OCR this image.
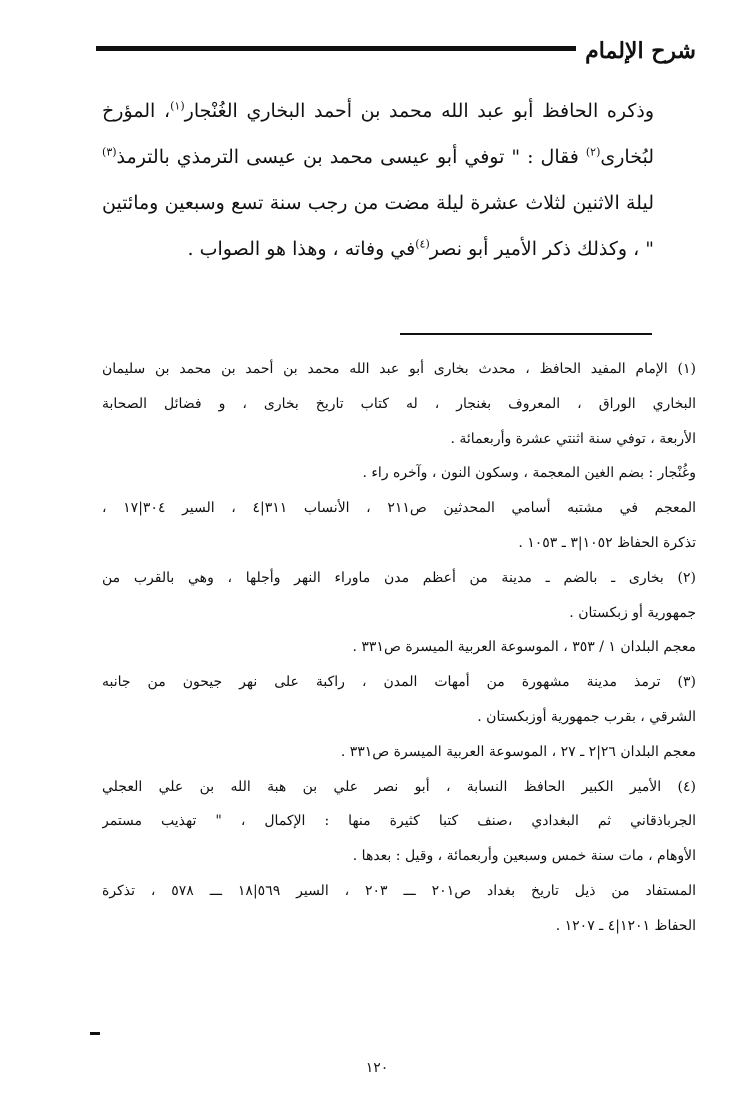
شرح الإلمام
وذكره الحافظ أبو عبد الله محمد بن أحمد البخاري الغُنْجار$^{(١)}$، المؤرخ لبُخارى$^{(٢)}$ فقال : " توفي أبو عيسى محمد بن عيسى الترمذي بالترمذ$^{(٣)}$ ليلة الاثنين لثلاث عشرة ليلة مضت من رجب سنة تسع وسبعين ومائتين " ، وكذلك ذكر الأمير أبو نصر$^{(٤)}$في وفاته ، وهذا هو الصواب .
(١) الإمام المفيد الحافظ ، محدث بخارى أبو عبد الله محمد بن أحمد بن محمد بن سليمان
البخاري الوراق ، المعروف بغنجار ، له كتاب تاريخ بخارى ، و فضائل الصحابة
الأربعة ، توفي سنة اثنتي عشرة وأربعمائة .
وغُنْجار : بضم الغين المعجمة ، وسكون النون ، وآخره راء .
المعجم في مشتبه أسامي المحدثين ص٢١١ ، الأنساب ٣١١|٤ ، السير ٣٠٤|١٧ ،
تذكرة الحفاظ ١٠٥٢|٣ ـ ١٠٥٣ .
(٢) بخارى ـ بالضم ـ مدينة من أعظم مدن ماوراء النهر وأجلها ، وهي بالقرب من
جمهورية أو زبكستان .
معجم البلدان ١ / ٣٥٣ ، الموسوعة العربية الميسرة ص٣٣١ .
(٣) ترمذ مدينة مشهورة من أمهات المدن ، راكبة على نهر جيحون من جانبه
الشرقي ، بقرب جمهورية أوزبكستان .
معجم البلدان ٢٦|٢ ـ ٢٧ ، الموسوعة العربية الميسرة ص٣٣١ .
(٤) الأمير الكبير الحافظ النسابة ، أبو نصر علي بن هبة الله بن علي العجلي
الجرباذقاني ثم البغدادي ،صنف كتبا كثيرة منها : الإكمال ، " تهذيب مستمر
الأوهام ، مات سنة خمس وسبعين وأربعمائة ، وقيل : بعدها .
المستفاد من ذيل تاريخ بغداد ص٢٠١ ـــ ٢٠٣ ، السير ٥٦٩|١٨ ـــ ٥٧٨ ، تذكرة
الحفاظ ١٢٠١|٤ ـ ١٢٠٧ .
١٢٠
